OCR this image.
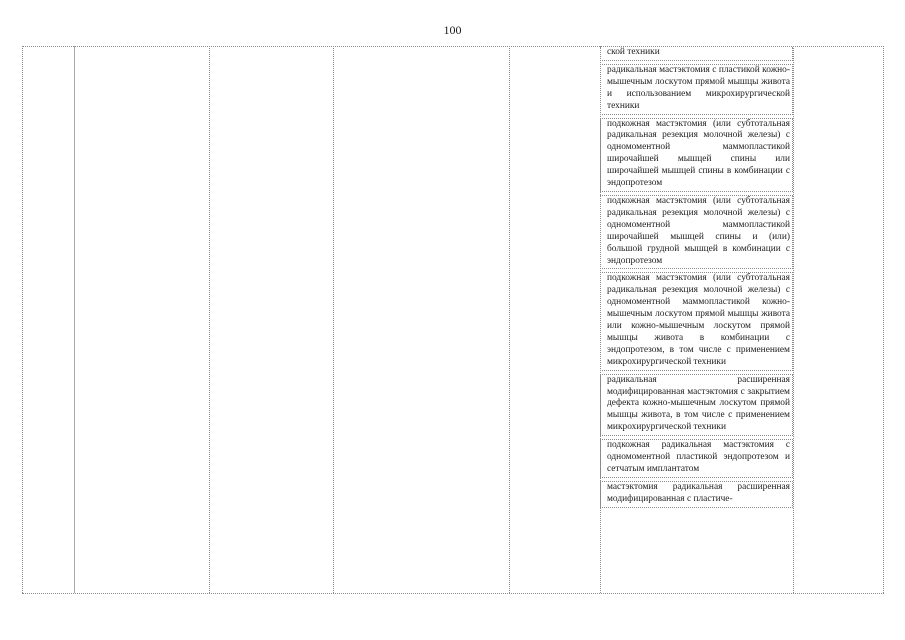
100
ской техники
радикальная мастэктомия с пластикой кожно-мышечным лоскутом прямой мышцы живота и использованием микрохирургической техники
подкожная мастэктомия (или субтотальная радикальная резекция молочной железы) с одномоментной маммопластикой широчайшей мышцей спины или широчайшей мышцей спины в комбинации с эндопротезом
подкожная мастэктомия (или субтотальная радикальная резекция молочной железы) с одномоментной маммопластикой широчайшей мышцей спины и (или) большой грудной мышцей в комбинации с эндопротезом
подкожная мастэктомия (или субтотальная радикальная резекция молочной железы) с одномоментной маммопластикой кожно-мышечным лоскутом прямой мышцы живота или кожно-мышечным лоскутом прямой мышцы живота в комбинации с эндопротезом, в том числе с применением микрохирургической техники
радикальная расширенная модифицированная мастэктомия с закрытием дефекта кожно-мышечным лоскутом прямой мышцы живота, в том числе с применением микрохирургической техники
подкожная радикальная мастэктомия с одномоментной пластикой эндопротезом и сетчатым имплантатом
мастэктомия радикальная расширенная модифицированная с пластиче-
